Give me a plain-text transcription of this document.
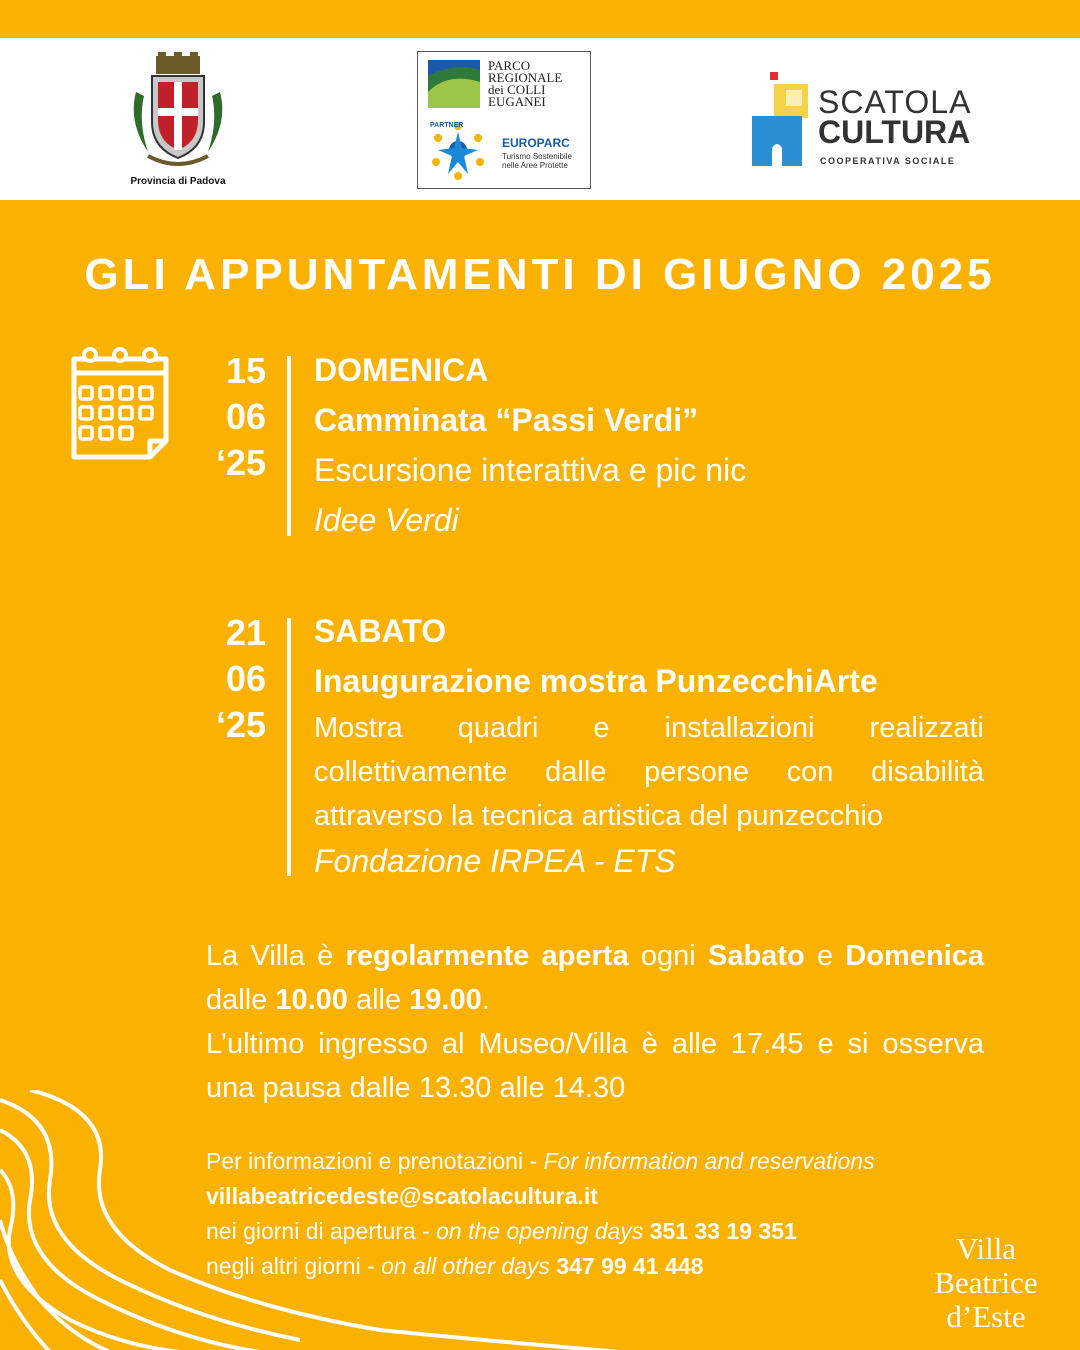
Provincia di Padova
PARCO
REGIONALE
dei COLLI
EUGANEI
PARTNER
EUROPARC
Turismo Sostenibile
nelle Aree Protette
SCATOLA
CULTURA
COOPERATIVA SOCIALE
GLI APPUNTAMENTI DI GIUGNO 2025
15
06
‘25
DOMENICA
Camminata “Passi Verdi”
Escursione interattiva e pic nic
Idee Verdi
21
06
‘25
SABATO
Inaugurazione mostra PunzecchiArte
Mostra quadri e installazioni realizzati collettivamente dalle persone con disabilità attraverso la tecnica artistica del punzecchio
Fondazione IRPEA - ETS
La Villa è regolarmente aperta ogni Sabato e Domenica dalle 10.00 alle 19.00.
L’ultimo ingresso al Museo/Villa è alle 17.45 e si osserva una pausa dalle 13.30 alle 14.30
Per informazioni e prenotazioni - For information and reservations
villabeatricedeste@scatolacultura.it
nei giorni di apertura - on the opening days 351 33 19 351
negli altri giorni - on all other days 347 99 41 448	Villa
Beatrice
d’Este
